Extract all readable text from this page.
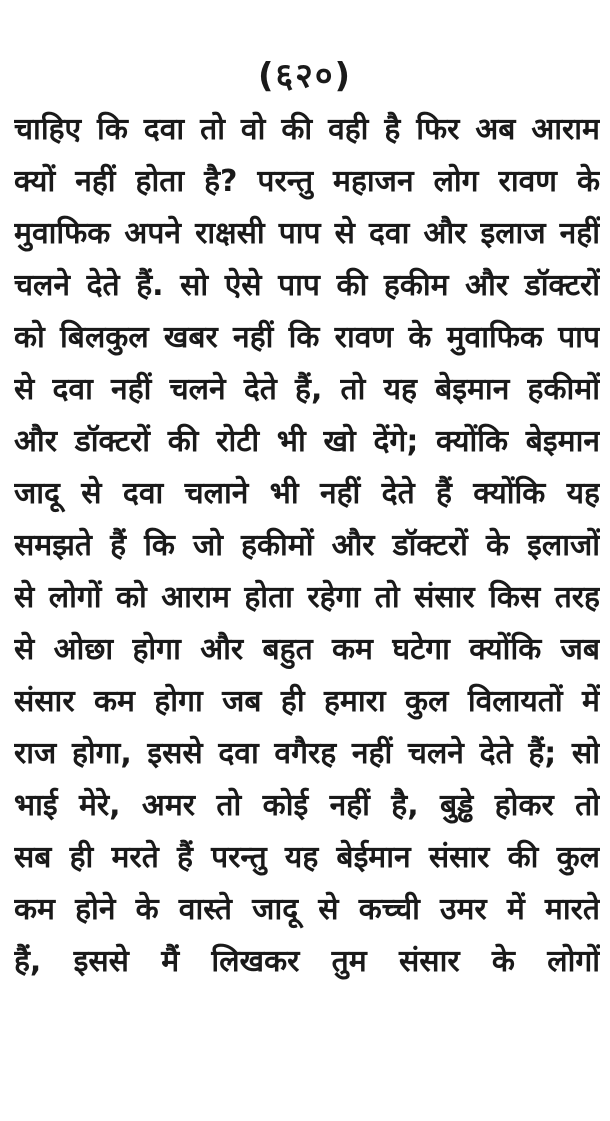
(६२०)
चाहिए कि दवा तो वो की वही है फिर अब आराम
क्यों नहीं होता है? परन्तु महाजन लोग रावण के
मुवाफिक अपने राक्षसी पाप से दवा और इलाज नहीं
चलने देते हैं. सो ऐसे पाप की हकीम और डॉक्टरों
को बिलकुल खबर नहीं कि रावण के मुवाफिक पाप
से दवा नहीं चलने देते हैं, तो यह बेइमान हकीमों
और डॉक्टरों की रोटी भी खो देंगे; क्योंकि बेइमान
जादू से दवा चलाने भी नहीं देते हैं क्योंकि यह
समझते हैं कि जो हकीमों और डॉक्टरों के इलाजों
से लोगों को आराम होता रहेगा तो संसार किस तरह
से ओछा होगा और बहुत कम घटेगा क्योंकि जब
संसार कम होगा जब ही हमारा कुल विलायतों में
राज होगा, इससे दवा वगैरह नहीं चलने देते हैं; सो
भाई मेरे, अमर तो कोई नहीं है, बुड्ढे होकर तो
सब ही मरते हैं परन्तु यह बेईमान संसार की कुल
कम होने के वास्ते जादू से कच्ची उमर में मारते
हैं, इससे मैं लिखकर तुम संसार के लोगों
